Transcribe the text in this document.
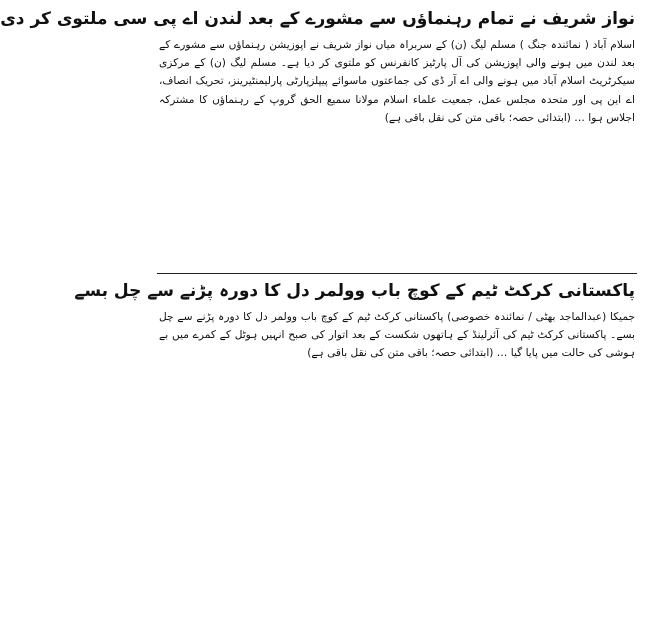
نواز شریف نے تمام رہنماؤں سے مشورے کے بعد لندن اے پی سی ملتوی کر دی

اسلام آباد ( نمائندہ جنگ ) مسلم لیگ (ن) کے سربراہ میاں نواز شریف نے اپوزیشن رہنماؤں سے مشورے کے بعد لندن میں ہونے والی اپوزیشن کی آل پارٹیز کانفرنس کو ملتوی کر دیا ہے۔ مسلم لیگ (ن) کے مرکزی سیکرٹریٹ اسلام آباد میں ہونے والی اے آر ڈی کی جماعتوں ماسوائے پیپلزپارٹی پارلیمنٹیرینز، تحریک انصاف، اے این پی اور متحدہ مجلس عمل، جمعیت علماء اسلام مولانا سمیع الحق گروپ کے رہنماؤں کا مشترکہ اجلاس ہوا … (ابتدائی حصہ؛ باقی متن کی نقل باقی ہے)

پاکستانی کرکٹ ٹیم کے کوچ باب وولمر دل کا دورہ پڑنے سے چل بسے

جمیکا (عبدالماجد بھٹی / نمائندہ خصوصی) پاکستانی کرکٹ ٹیم کے کوچ باب وولمر دل کا دورہ پڑنے سے چل بسے۔ پاکستانی کرکٹ ٹیم کی آئرلینڈ کے ہاتھوں شکست کے بعد اتوار کی صبح انہیں ہوٹل کے کمرے میں بے ہوشی کی حالت میں پایا گیا … (ابتدائی حصہ؛ باقی متن کی نقل باقی ہے)
